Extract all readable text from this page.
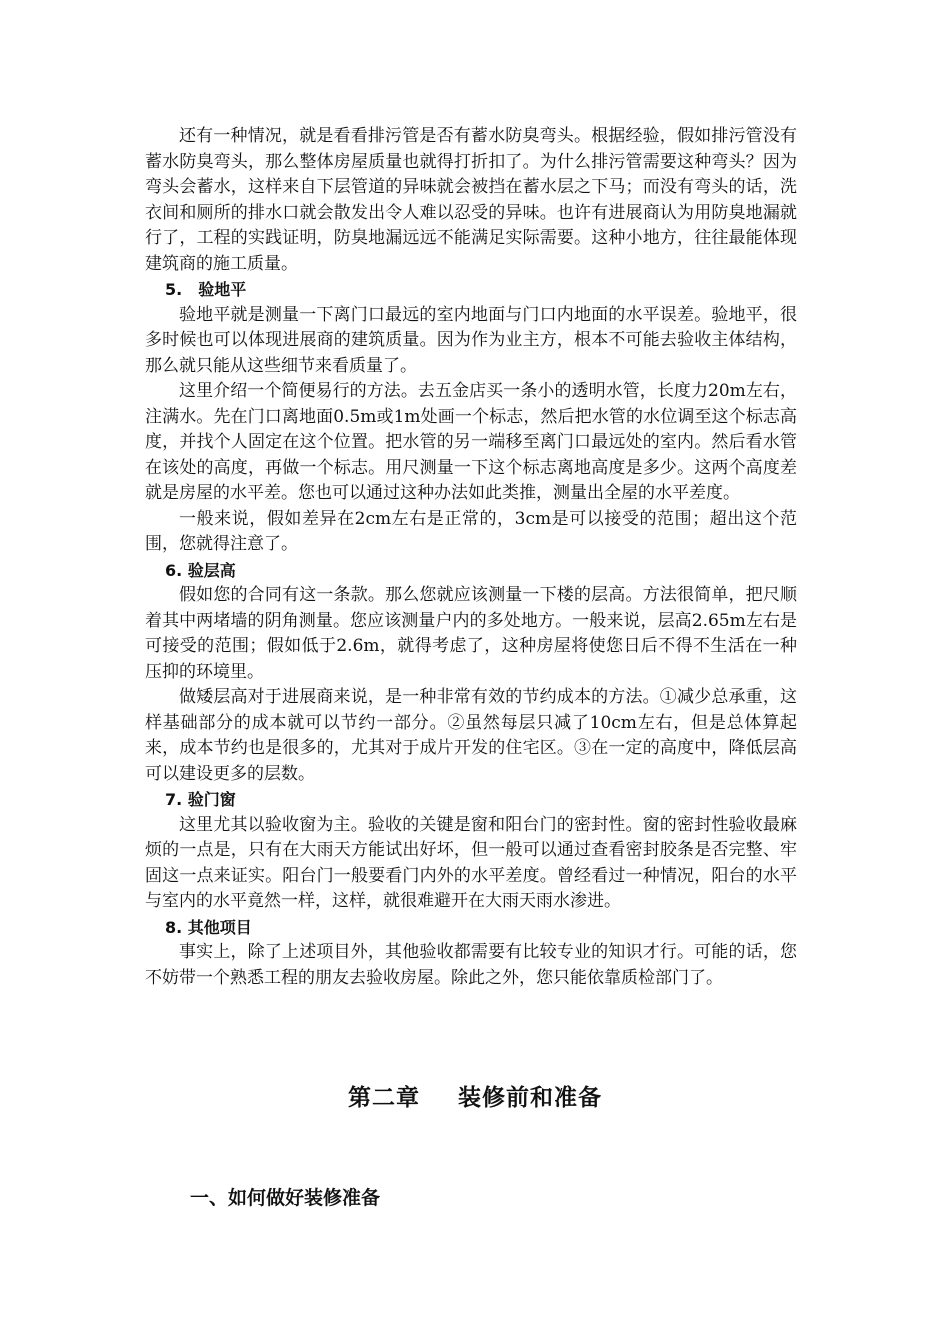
还有一种情况，就是看看排污管是否有蓄水防臭弯头。根据经验，假如排污管没有蓄水防臭弯头，那么整体房屋质量也就得打折扣了。为什么排污管需要这种弯头？因为弯头会蓄水，这样来自下层管道的异味就会被挡在蓄水层之下马；而没有弯头的话，洗衣间和厕所的排水口就会散发出令人难以忍受的异味。也许有进展商认为用防臭地漏就行了，工程的实践证明，防臭地漏远远不能满足实际需要。这种小地方，往往最能体现建筑商的施工质量。

5.　验地平

验地平就是测量一下离门口最远的室内地面与门口内地面的水平误差。验地平，很多时候也可以体现进展商的建筑质量。因为作为业主方，根本不可能去验收主体结构，那么就只能从这些细节来看质量了。

这里介绍一个简便易行的方法。去五金店买一条小的透明水管，长度力20m左右，注满水。先在门口离地面0.5m或1m处画一个标志，然后把水管的水位调至这个标志高度，并找个人固定在这个位置。把水管的另一端移至离门口最远处的室内。然后看水管在该处的高度，再做一个标志。用尺测量一下这个标志离地高度是多少。这两个高度差就是房屋的水平差。您也可以通过这种办法如此类推，测量出全屋的水平差度。

一般来说，假如差异在2cm左右是正常的，3cm是可以接受的范围；超出这个范围，您就得注意了。

6. 验层高

假如您的合同有这一条款。那么您就应该测量一下楼的层高。方法很简单，把尺顺着其中两堵墙的阴角测量。您应该测量户内的多处地方。一般来说，层高2.65m左右是可接受的范围；假如低于2.6m，就得考虑了，这种房屋将使您日后不得不生活在一种压抑的环境里。

做矮层高对于进展商来说，是一种非常有效的节约成本的方法。①减少总承重，这样基础部分的成本就可以节约一部分。②虽然每层只减了10cm左右，但是总体算起来，成本节约也是很多的，尤其对于成片开发的住宅区。③在一定的高度中，降低层高可以建设更多的层数。

7. 验门窗

这里尤其以验收窗为主。验收的关键是窗和阳台门的密封性。窗的密封性验收最麻烦的一点是，只有在大雨天方能试出好坏，但一般可以通过查看密封胶条是否完整、牢固这一点来证实。阳台门一般要看门内外的水平差度。曾经看过一种情况，阳台的水平与室内的水平竟然一样，这样，就很难避开在大雨天雨水渗进。

8. 其他项目

事实上，除了上述项目外，其他验收都需要有比较专业的知识才行。可能的话，您不妨带一个熟悉工程的朋友去验收房屋。除此之外，您只能依靠质检部门了。

第二章 装修前和准备
一、如何做好装修准备
